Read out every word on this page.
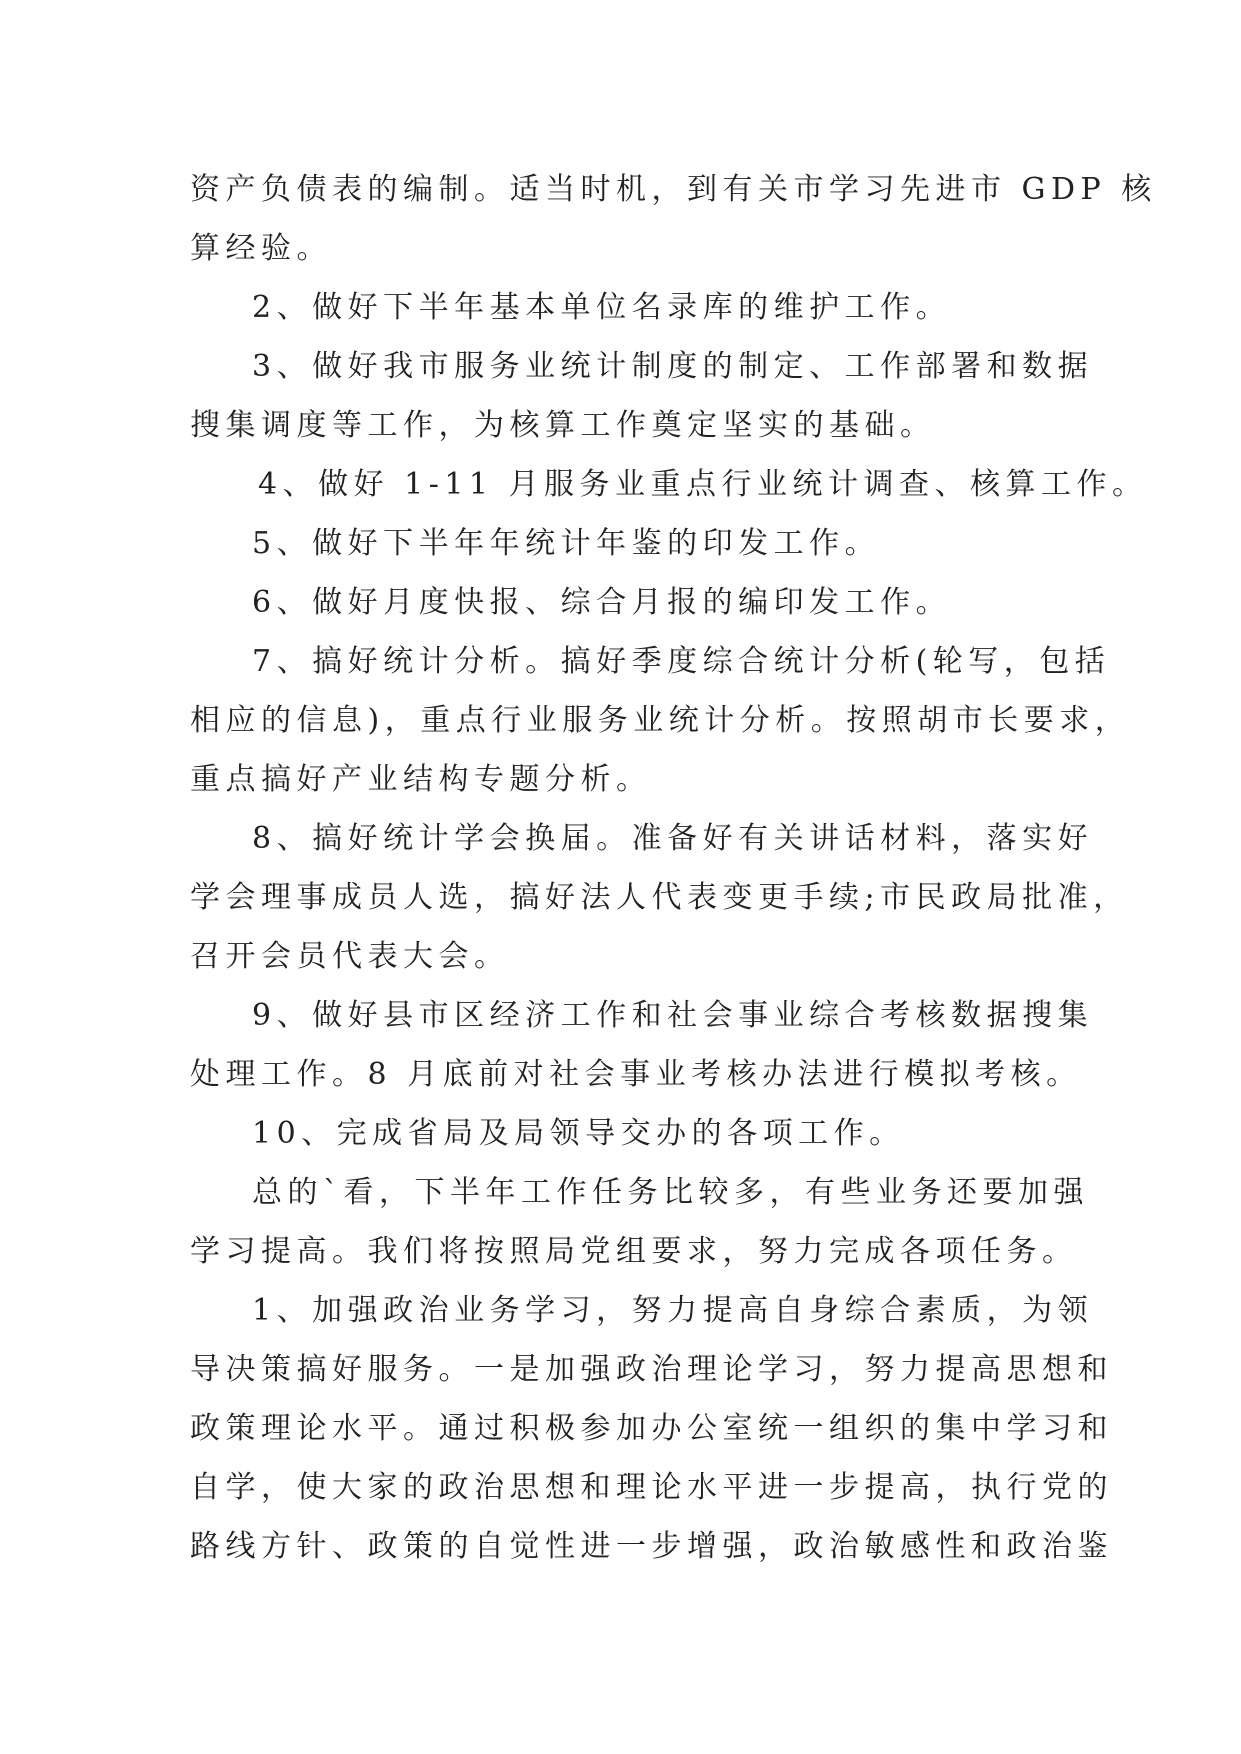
资产负债表的编制。适当时机，到有关市学习先进市 GDP 核
算经验。

2、做好下半年基本单位名录库的维护工作。

3、做好我市服务业统计制度的制定、工作部署和数据
搜集调度等工作，为核算工作奠定坚实的基础。

4、做好 1-11 月服务业重点行业统计调查、核算工作。

5、做好下半年年统计年鉴的印发工作。

6、做好月度快报、综合月报的编印发工作。

7、搞好统计分析。搞好季度综合统计分析(轮写，包括
相应的信息)，重点行业服务业统计分析。按照胡市长要求，
重点搞好产业结构专题分析。

8、搞好统计学会换届。准备好有关讲话材料，落实好
学会理事成员人选，搞好法人代表变更手续;市民政局批准，
召开会员代表大会。

9、做好县市区经济工作和社会事业综合考核数据搜集
处理工作。8 月底前对社会事业考核办法进行模拟考核。

10、完成省局及局领导交办的各项工作。

总的`看，下半年工作任务比较多，有些业务还要加强
学习提高。我们将按照局党组要求，努力完成各项任务。

1、加强政治业务学习，努力提高自身综合素质，为领
导决策搞好服务。一是加强政治理论学习，努力提高思想和
政策理论水平。通过积极参加办公室统一组织的集中学习和
自学，使大家的政治思想和理论水平进一步提高，执行党的
路线方针、政策的自觉性进一步增强，政治敏感性和政治鉴
